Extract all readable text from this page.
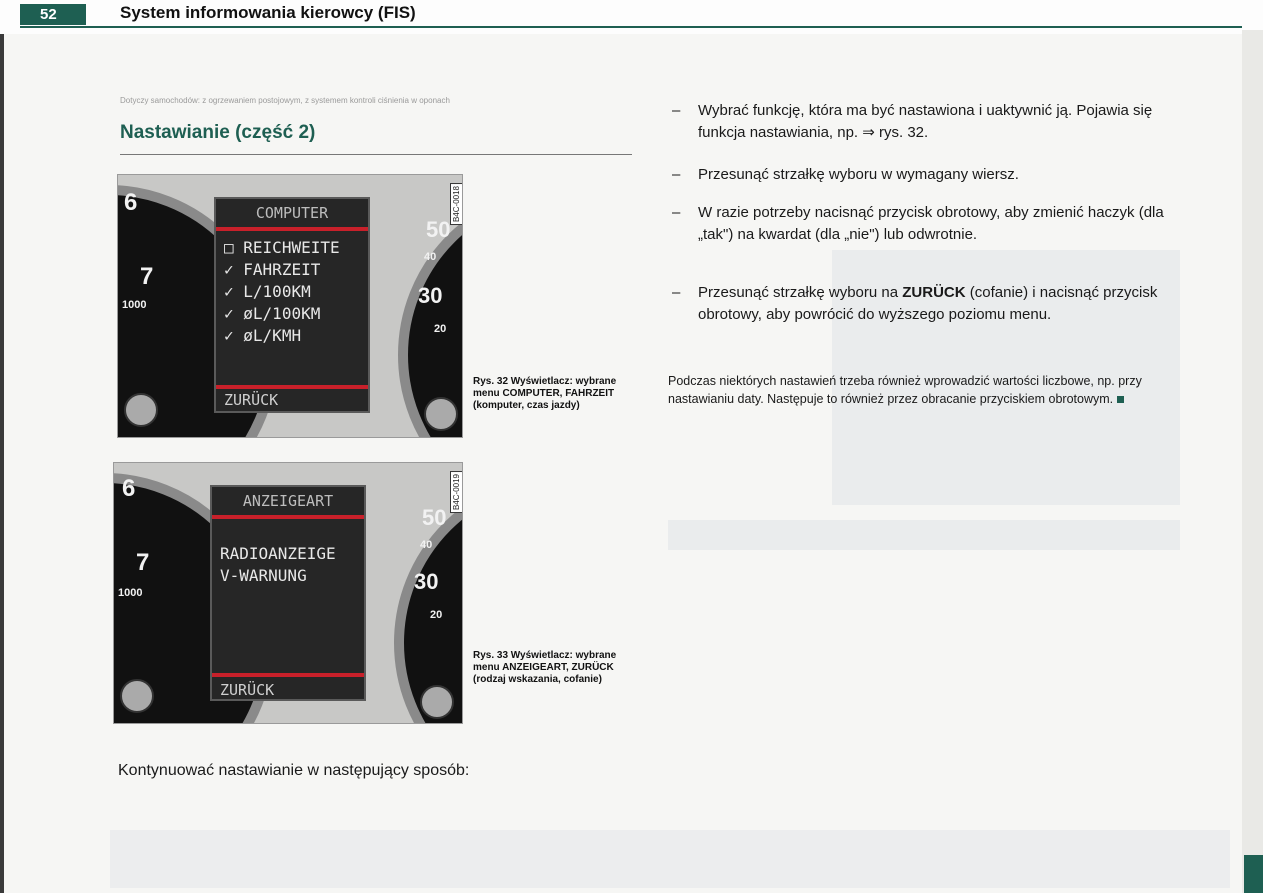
52	System informowania kierowcy (FIS)
Dotyczy samochodów: z ogrzewaniem postojowym, z systemem kontroli ciśnienia w oponach
Nastawianie (część 2)
6
7
1000
50
40
30
20
COMPUTER
□ REICHWEITE
✓ FAHRZEIT
✓ L/100KM
✓ øL/100KM
✓ øL/KMH
ZURÜCK
B4C-0018
Rys. 32 Wyświetlacz: wybrane menu COMPUTER, FAHRZEIT (komputer, czas jazdy)
6
7
1000
50
40
30
20
ANZEIGEART
RADIOANZEIGE
V-WARNUNG
ZURÜCK
B4C-0019
Rys. 33 Wyświetlacz: wybrane menu ANZEIGEART, ZURÜCK (rodzaj wskazania, cofanie)
Kontynuować nastawianie w następujący sposób:
–	Wybrać funkcję, która ma być nastawiona i uaktywnić ją. Pojawia się funkcja nastawiania, np. ⇒ rys. 32.
–	Przesunąć strzałkę wyboru w wymagany wiersz.
–	W razie potrzeby nacisnąć przycisk obrotowy, aby zmienić haczyk (dla „tak") na kwardat (dla „nie") lub odwrotnie.
–	Przesunąć strzałkę wyboru na ZURÜCK (cofanie) i nacisnąć przycisk obrotowy, aby powrócić do wyższego poziomu menu.
Podczas niektórych nastawień trzeba również wprowadzić wartości liczbowe, np. przy nastawianiu daty. Następuje to również przez obracanie przyciskiem obrotowym.
